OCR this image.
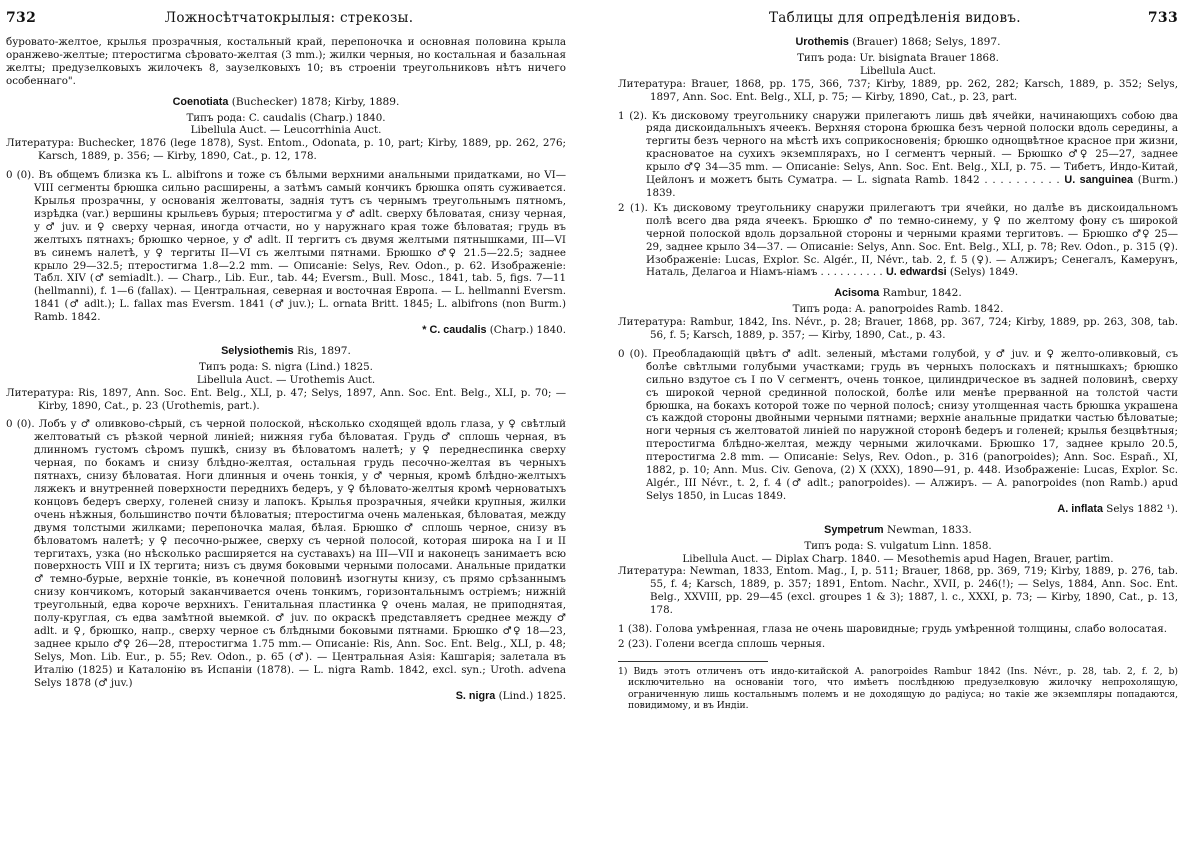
732	Ложносѣтчатокрылыя: стрекозы.

буровато-желтое, крылья прозрачныя, костальный край, перепоночка и основная половина крыла оранжево-желтые; птеростигма сѣровато-желтая (3 mm.); жилки черныя, но костальная и базальная желты; предузелковыхъ жилочекъ 8, заузелковыхъ 10; въ строеніи треугольниковъ нѣтъ ничего особеннаго".

Coenotiata (Buchecker) 1878; Kirby, 1889.

Типъ рода: C. caudalis (Charp.) 1840.

Libellula Auct. — Leucorrhinia Auct.

Литература: Buchecker, 1876 (lege 1878), Syst. Entom., Odonata, p. 10, part; Kirby, 1889, pp. 262, 276; Karsch, 1889, p. 356; — Kirby, 1890, Cat., p. 12, 178.

0 (0). Въ общемъ близка къ L. albifrons и тоже съ бѣлыми верхними анальными придатками, но VI—VIII сегменты брюшка сильно расширены, а затѣмъ самый кончикъ брюшка опять суживается. Крылья прозрачны, у основанія желтоваты, заднія тутъ съ чернымъ треугольнымъ пятномъ, изрѣдка (var.) вершины крыльевъ бурыя; птеростигма у ♂ adlt. сверху бѣловатая, снизу черная, у ♂ juv. и ♀ сверху черная, иногда отчасти, но у наружнаго края тоже бѣловатая; грудь въ желтыхъ пятнахъ; брюшко черное, у ♂ adlt. II тергитъ съ двумя желтыми пятнышками, III—VI въ синемъ налетѣ, у ♀ тергиты II—VI съ желтыми пятнами. Брюшко ♂♀ 21.5—22.5; заднее крыло 29—32.5; птеростигма 1.8—2.2 mm. — Описаніе: Selys, Rev. Odon., p. 62. Изображеніе: Табл. XIV (♂ semiadlt.). — Charp., Lib. Eur., tab. 44; Eversm., Bull. Mosc., 1841, tab. 5, figs. 7—11 (hellmanni), f. 1—6 (fallax). — Центральная, северная и восточная Европа. — L. hellmanni Eversm. 1841 (♂ adlt.); L. fallax mas Eversm. 1841 (♂ juv.); L. ornata Britt. 1845; L. albifrons (non Burm.) Ramb. 1842.

* C. caudalis (Charp.) 1840.

Selysiothemis Ris, 1897.

Типъ рода: S. nigra (Lind.) 1825.

Libellula Auct. — Urothemis Auct.

Литература: Ris, 1897, Ann. Soc. Ent. Belg., XLI, p. 47; Selys, 1897, Ann. Soc. Ent. Belg., XLI, p. 70; — Kirby, 1890, Cat., p. 23 (Urothemis, part.).

0 (0). Лобъ у ♂ оливково-сѣрый, съ черной полоской, нѣсколько сходящей вдоль глаза, у ♀ свѣтлый желтоватый съ рѣзкой черной линіей; нижняя губа бѣловатая. Грудь ♂ сплошь черная, въ длинномъ густомъ сѣромъ пушкѣ, снизу въ бѣловатомъ налетѣ; у ♀ переднеспинка сверху черная, по бокамъ и снизу блѣдно-желтая, остальная грудь песочно-желтая въ черныхъ пятнахъ, снизу бѣловатая. Ноги длинныя и очень тонкія, у ♂ черныя, кромѣ блѣдно-желтыхъ ляжекъ и внутренней поверхности переднихъ бедеръ, у ♀ бѣловато-желтыя кромѣ черноватыхъ концовъ бедеръ сверху, голеней снизу и лапокъ. Крылья прозрачныя, ячейки крупныя, жилки очень нѣжныя, большинство почти бѣловатыя; птеростигма очень маленькая, бѣловатая, между двумя толстыми жилками; перепоночка малая, бѣлая. Брюшко ♂ сплошь черное, снизу въ бѣловатомъ налетѣ; у ♀ песочно-рыжее, сверху съ черной полосой, которая широка на I и II тергитахъ, узка (но нѣсколько расширяется на суставахъ) на III—VII и наконецъ занимаетъ всю поверхность VIII и IX тергита; низъ съ двумя боковыми черными полосами. Анальные придатки ♂ темно-бурые, верхніе тонкіе, въ конечной половинѣ изогнуты книзу, съ прямо срѣзаннымъ снизу кончикомъ, который заканчивается очень тонкимъ, горизонтальнымъ остріемъ; нижній треугольный, едва короче верхнихъ. Генитальная пластинка ♀ очень малая, не приподнятая, полу-круглая, съ едва замѣтной выемкой. ♂ juv. по окраскѣ представляетъ среднее между ♂ adlt. и ♀, брюшко, напр., сверху черное съ блѣдными боковыми пятнами. Брюшко ♂♀ 18—23, заднее крыло ♂♀ 26—28, птеростигма 1.75 mm.— Описаніе: Ris, Ann. Soc. Ent. Belg., XLI, p. 48; Selys, Mon. Lib. Eur., p. 55; Rev. Odon., p. 65 (♂). — Центральная Азія: Кашгарія; залетала въ Италію (1825) и Каталонію въ Испаніи (1878). — L. nigra Ramb. 1842, excl. syn.; Uroth. advena Selys 1878 (♂ juv.)

S. nigra (Lind.) 1825.

Таблицы для опредѣленія видовъ.	733
Urothemis (Brauer) 1868; Selys, 1897.

Типъ рода: Ur. bisignata Brauer 1868.

Libellula Auct.

Литература: Brauer, 1868, pp. 175, 366, 737; Kirby, 1889, pp. 262, 282; Karsch, 1889, p. 352; Selys, 1897, Ann. Soc. Ent. Belg., XLI, p. 75; — Kirby, 1890, Cat., p. 23, part.

1 (2). Къ дисковому треугольнику снаружи прилегаютъ лишь двѣ ячейки, начинающихъ собою два ряда дискоидальныхъ ячеекъ. Верхняя сторона брюшка безъ черной полоски вдоль середины, а тергиты безъ черного на мѣстѣ ихъ соприкосновенія; брюшко однощвѣтное красное при жизни, красноватое на сухихъ экземплярахъ, но I сегментъ черный. — Брюшко ♂♀ 25—27, заднее крыло ♂♀ 34—35 mm. — Описаніе: Selys, Ann. Soc. Ent. Belg., XLI, p. 75. — Тибетъ, Индо-Китай, Цейлонъ и можетъ быть Суматра. — L. signata Ramb. 1842 . . . . . . . . . . U. sanguinea (Burm.) 1839.

2 (1). Къ дисковому треугольнику снаружи прилегаютъ три ячейки, но далѣе въ дискоидальномъ полѣ всего два ряда ячеекъ. Брюшко ♂ по темно-синему, у ♀ по желтому фону съ широкой черной полоской вдоль дорзальной стороны и черными краями тергитовъ. — Брюшко ♂♀ 25—29, заднее крыло 34—37. — Описаніе: Selys, Ann. Soc. Ent. Belg., XLI, p. 78; Rev. Odon., p. 315 (♀). Изображеніе: Lucas, Explor. Sc. Algér., II, Névr., tab. 2, f. 5 (♀). — Алжиръ; Сенегалъ, Камерунъ, Наталь, Делагоа и Ніамъ-ніамъ . . . . . . . . . . U. edwardsi (Selys) 1849.

Acisoma Rambur, 1842.

Типъ рода: A. panorpoides Ramb. 1842.

Литература: Rambur, 1842, Ins. Névr., p. 28; Brauer, 1868, pp. 367, 724; Kirby, 1889, pp. 263, 308, tab. 56, f. 5; Karsch, 1889, p. 357; — Kirby, 1890, Cat., p. 43.

0 (0). Преобладающій цвѣтъ ♂ adlt. зеленый, мѣстами голубой, у ♂ juv. и ♀ желто-оливковый, съ болѣе свѣтлыми голубыми участками; грудь въ черныхъ полоскахъ и пятнышкахъ; брюшко сильно вздутое съ I по V сегментъ, очень тонкое, цилиндрическое въ задней половинѣ, сверху съ широкой черной срединной полоской, болѣе или менѣе прерванной на толстой части брюшка, на бокахъ которой тоже по черной полосѣ; снизу утолщенная часть брюшка украшена съ каждой стороны двойными черными пятнами; верхніе анальные придатки частью бѣловатые; ноги черныя съ желтоватой линіей по наружной сторонѣ бедеръ и голеней; крылья безцвѣтныя; птеростигма блѣдно-желтая, между черными жилочками. Брюшко 17, заднее крыло 20.5, птеростигма 2.8 mm. — Описаніе: Selys, Rev. Odon., p. 316 (panorpoides); Ann. Soc. Españ., XI, 1882, p. 10; Ann. Mus. Civ. Genova, (2) X (XXX), 1890—91, p. 448. Изображеніе: Lucas, Explor. Sc. Algér., III Névr., t. 2, f. 4 (♂ adlt.; panorpoides). — Алжиръ. — A. panorpoides (non Ramb.) apud Selys 1850, in Lucas 1849.

A. inflata Selys 1882 ¹).

Sympetrum Newman, 1833.

Типъ рода: S. vulgatum Linn. 1858.

Libellula Auct. — Diplax Charp. 1840. — Mesothemis apud Hagen, Brauer, partim.

Литература: Newman, 1833, Entom. Mag., I, p. 511; Brauer, 1868, pp. 369, 719; Kirby, 1889, p. 276, tab. 55, f. 4; Karsch, 1889, p. 357; 1891, Entom. Nachr., XVII, p. 246(!); — Selys, 1884, Ann. Soc. Ent. Belg., XXVIII, pp. 29—45 (excl. groupes 1 & 3); 1887, l. c., XXXI, p. 73; — Kirby, 1890, Cat., p. 13, 178.

1 (38). Голова умѣренная, глаза не очень шаровидные; грудь умѣренной толщины, слабо волосатая.

2 (23). Голени всегда сплошь черныя.

1) Видъ этотъ отличенъ отъ индо-китайской A. panorpoides Rambur 1842 (Ins. Névr., p. 28, tab. 2, f. 2, b) исключительно на основаніи того, что имѣетъ послѣднюю предузелковую жилочку непрохолящую, ограниченную лишь костальнымъ полемъ и не доходящую до радіуса; но такіе же экземпляры попадаются, повидимому, и въ Индіи.
